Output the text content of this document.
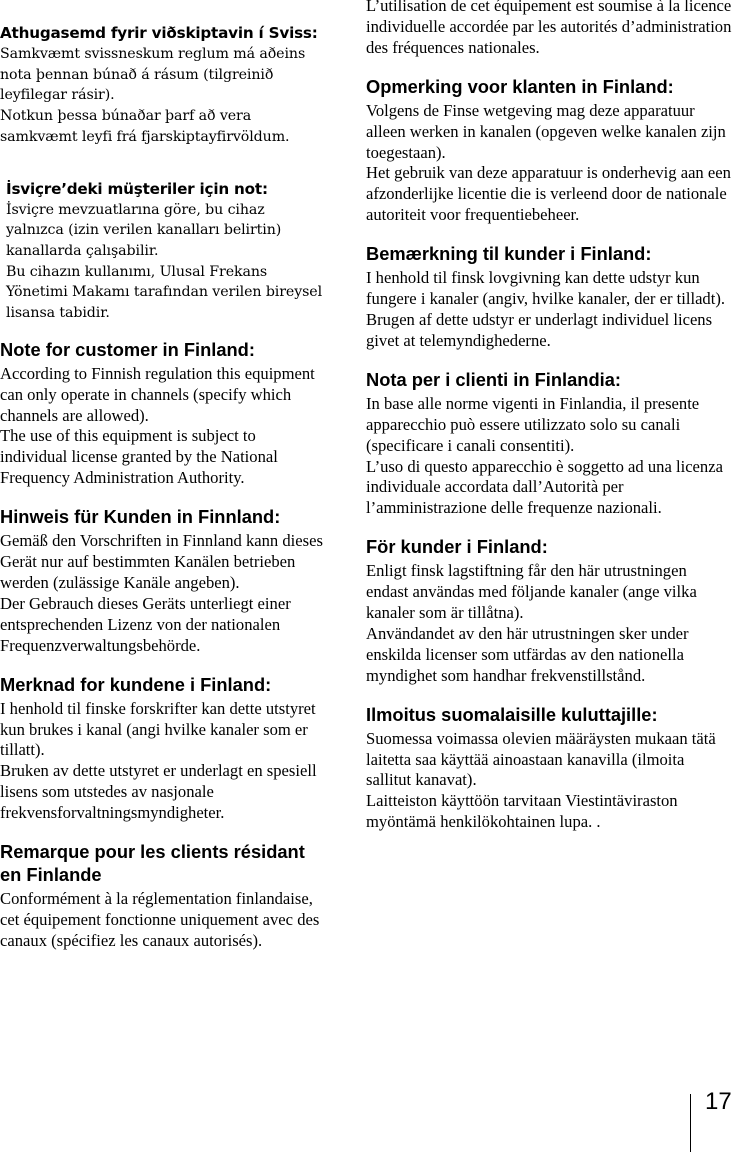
Athugasemd fyrir viðskiptavin í Sviss:

Samkvæmt svissneskum reglum má aðeins nota þennan búnað á rásum (tilgreinið leyfilegar rásir).

Notkun þessa búnaðar þarf að vera samkvæmt leyfi frá fjarskiptayfirvöldum.

İsviçre’deki müşteriler için not:

İsviçre mevzuatlarına göre, bu cihaz yalnızca (izin verilen kanalları belirtin) kanallarda çalışabilir.

Bu cihazın kullanımı, Ulusal Frekans Yönetimi Makamı tarafından verilen bireysel lisansa tabidir.

Note for customer in Finland:

According to Finnish regulation this equipment can only operate in channels (specify which channels are allowed).

The use of this equipment is subject to individual license granted by the National Frequency Administration Authority.

Hinweis für Kunden in Finnland:

Gemäß den Vorschriften in Finnland kann dieses Gerät nur auf bestimmten Kanälen betrieben werden (zulässige Kanäle angeben).

Der Gebrauch dieses Geräts unterliegt einer entsprechenden Lizenz von der nationalen Frequenzverwaltungsbehörde.

Merknad for kundene i Finland:

I henhold til finske forskrifter kan dette utstyret kun brukes i kanal (angi hvilke kanaler som er tillatt).

Bruken av dette utstyret er underlagt en spesiell lisens som utstedes av nasjonale frekvensforvaltningsmyndigheter.

Remarque pour les clients résidant en Finlande

Conformément à la réglementation finlandaise, cet équipement fonctionne uniquement avec des canaux (spécifiez les canaux autorisés).

L’utilisation de cet équipement est soumise à la licence individuelle accordée par les autorités d’administration des fréquences nationales.

Opmerking voor klanten in Finland:

Volgens de Finse wetgeving mag deze apparatuur alleen werken in kanalen (opgeven welke kanalen zijn toegestaan).

Het gebruik van deze apparatuur is onderhevig aan een afzonderlijke licentie die is verleend door de nationale autoriteit voor frequentiebeheer.

Bemærkning til kunder i Finland:

I henhold til finsk lovgivning kan dette udstyr kun fungere i kanaler (angiv, hvilke kanaler, der er tilladt).

Brugen af dette udstyr er underlagt individuel licens givet at telemyndighederne.

Nota per i clienti in Finlandia:

In base alle norme vigenti in Finlandia, il presente apparecchio può essere utilizzato solo su canali (specificare i canali consentiti).

L’uso di questo apparecchio è soggetto ad una licenza individuale accordata dall’Autorità per l’amministrazione delle frequenze nazionali.

För kunder i Finland:

Enligt finsk lagstiftning får den här utrustningen endast användas med följande kanaler (ange vilka kanaler som är tillåtna).

Användandet av den här utrustningen sker under enskilda licenser som utfärdas av den nationella myndighet som handhar frekvenstillstånd.

Ilmoitus suomalaisille kuluttajille:

Suomessa voimassa olevien määräysten mukaan tätä laitetta saa käyttää ainoastaan kanavilla (ilmoita sallitut kanavat).

Laitteiston käyttöön tarvitaan Viestintäviraston myöntämä henkilökohtainen lupa. .

17
